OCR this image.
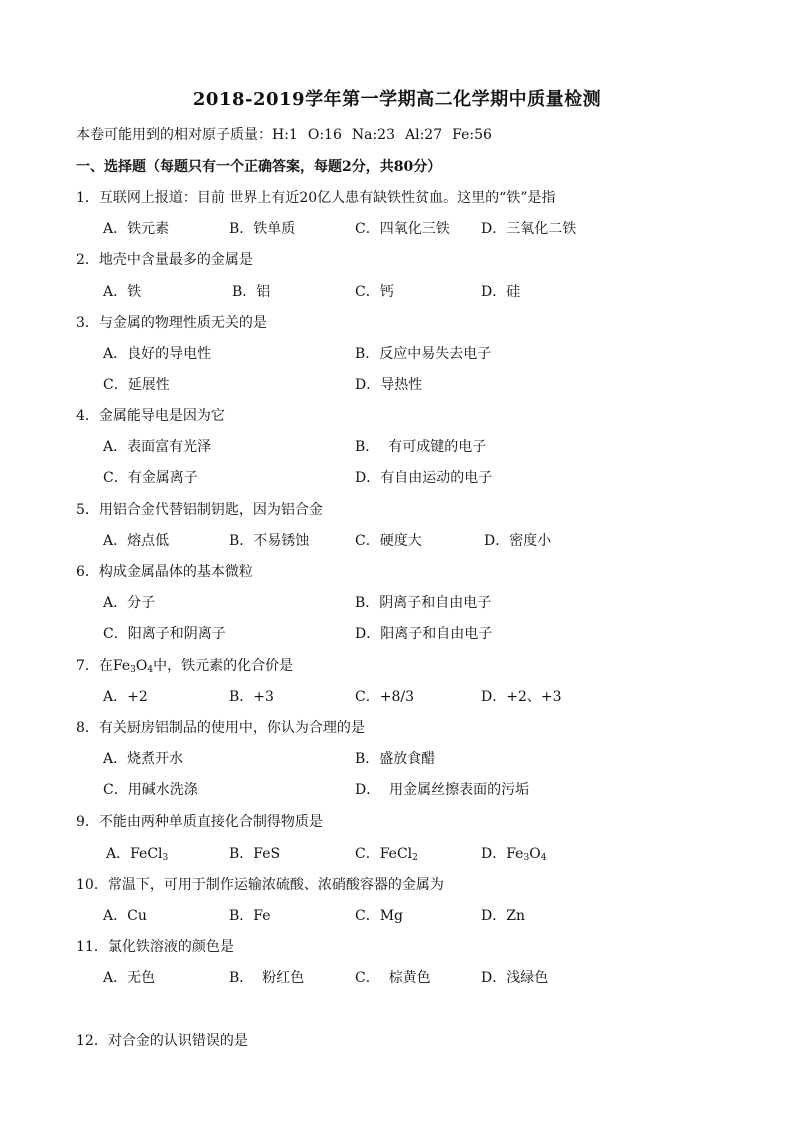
2018-2019学年第一学期高二化学期中质量检测
本卷可能用到的相对原子质量：H:1 O:16 Na:23 Al:27 Fe:56
一、选择题（每题只有一个正确答案，每题2分，共80分）
1．互联网上报道：目前 世界上有近20亿人患有缺铁性贫血。这里的“铁”是指
A．铁元素	B．铁单质	C．四氧化三铁 D．三氧化二铁
2．地壳中含量最多的金属是
A．铁	B．铝	C．钙	D．硅
3．与金属的物理性质无关的是
A．良好的导电性	B．反应中易失去电子
C．延展性	D．导热性
4．金属能导电是因为它
A．表面富有光泽	B．  有可成键的电子
C．有金属离子	D．有自由运动的电子
5．用铝合金代替铝制钥匙，因为铝合金
A．熔点低	B．不易锈蚀	C．硬度大	D．密度小
6．构成金属晶体的基本微粒
A．分子	B．阴离子和自由电子
C．阳离子和阴离子	D．阳离子和自由电子
7．在$Fe_3O_4$中，铁元素的化合价是
A．+2	B．+3	C．+8/3	D．+2、+3
8．有关厨房铝制品的使用中，你认为合理的是
A．烧煮开水	B．盛放食醋
C．用碱水洗涤	D．  用金属丝擦表面的污垢
9．不能由两种单质直接化合制得物质是
A．FeCl$_3$	B．FeS	C．FeCl$_2$	D．$Fe_3O_4$
10．常温下，可用于制作运输浓硫酸、浓硝酸容器的金属为
A．Cu	B．Fe	C．Mg	D．Zn
11．氯化铁溶液的颜色是
A．无色	B．  粉红色	C．  棕黄色	D．浅绿色
12．对合金的认识错误的是
